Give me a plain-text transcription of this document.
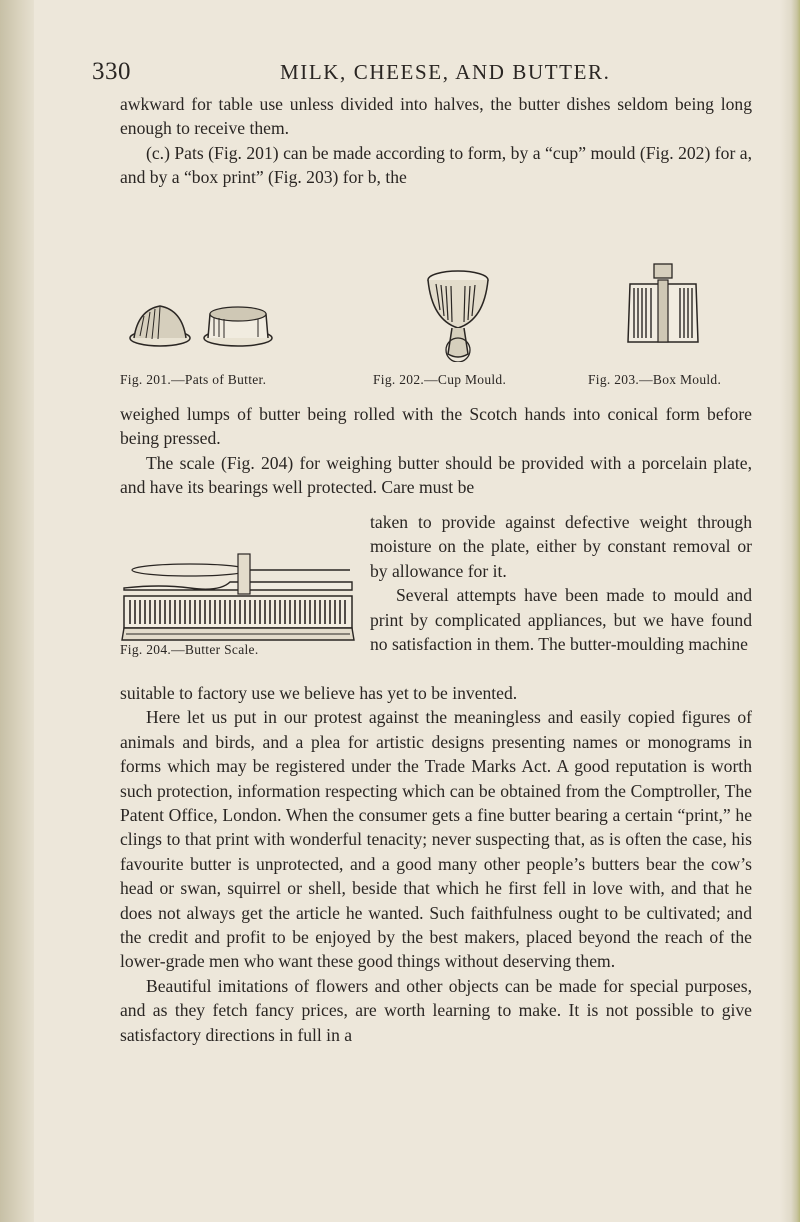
330	MILK, CHEESE, AND BUTTER.

awkward for table use unless divided into halves, the butter dishes seldom being long enough to receive them.

(c.) Pats (Fig. 201) can be made according to form, by a “cup” mould (Fig. 202) for a, and by a “box print” (Fig. 203) for b, the

Fig. 201.—Pats of Butter.	Fig. 202.—Cup Mould.	Fig. 203.—Box Mould.

weighed lumps of butter being rolled with the Scotch hands into conical form before being pressed.

The scale (Fig. 204) for weighing butter should be provided with a porcelain plate, and have its bearings well protected. Care must be

Fig. 204.—Butter Scale.

taken to provide against defective weight through moisture on the plate, either by constant removal or by allowance for it.

Several attempts have been made to mould and print by complicated appliances, but we have found no satisfaction in them. The butter-moulding machine

suitable to factory use we believe has yet to be invented.

Here let us put in our protest against the meaningless and easily copied figures of animals and birds, and a plea for artistic designs presenting names or monograms in forms which may be registered under the Trade Marks Act. A good reputation is worth such protection, information respecting which can be obtained from the Comptroller, The Patent Office, London. When the consumer gets a fine butter bearing a certain “print,” he clings to that print with wonderful tenacity; never suspecting that, as is often the case, his favourite butter is unprotected, and a good many other people’s butters bear the cow’s head or swan, squirrel or shell, beside that which he first fell in love with, and that he does not always get the article he wanted. Such faithfulness ought to be cultivated; and the credit and profit to be enjoyed by the best makers, placed beyond the reach of the lower-grade men who want these good things without deserving them.

Beautiful imitations of flowers and other objects can be made for special purposes, and as they fetch fancy prices, are worth learning to make. It is not possible to give satisfactory directions in full in a
